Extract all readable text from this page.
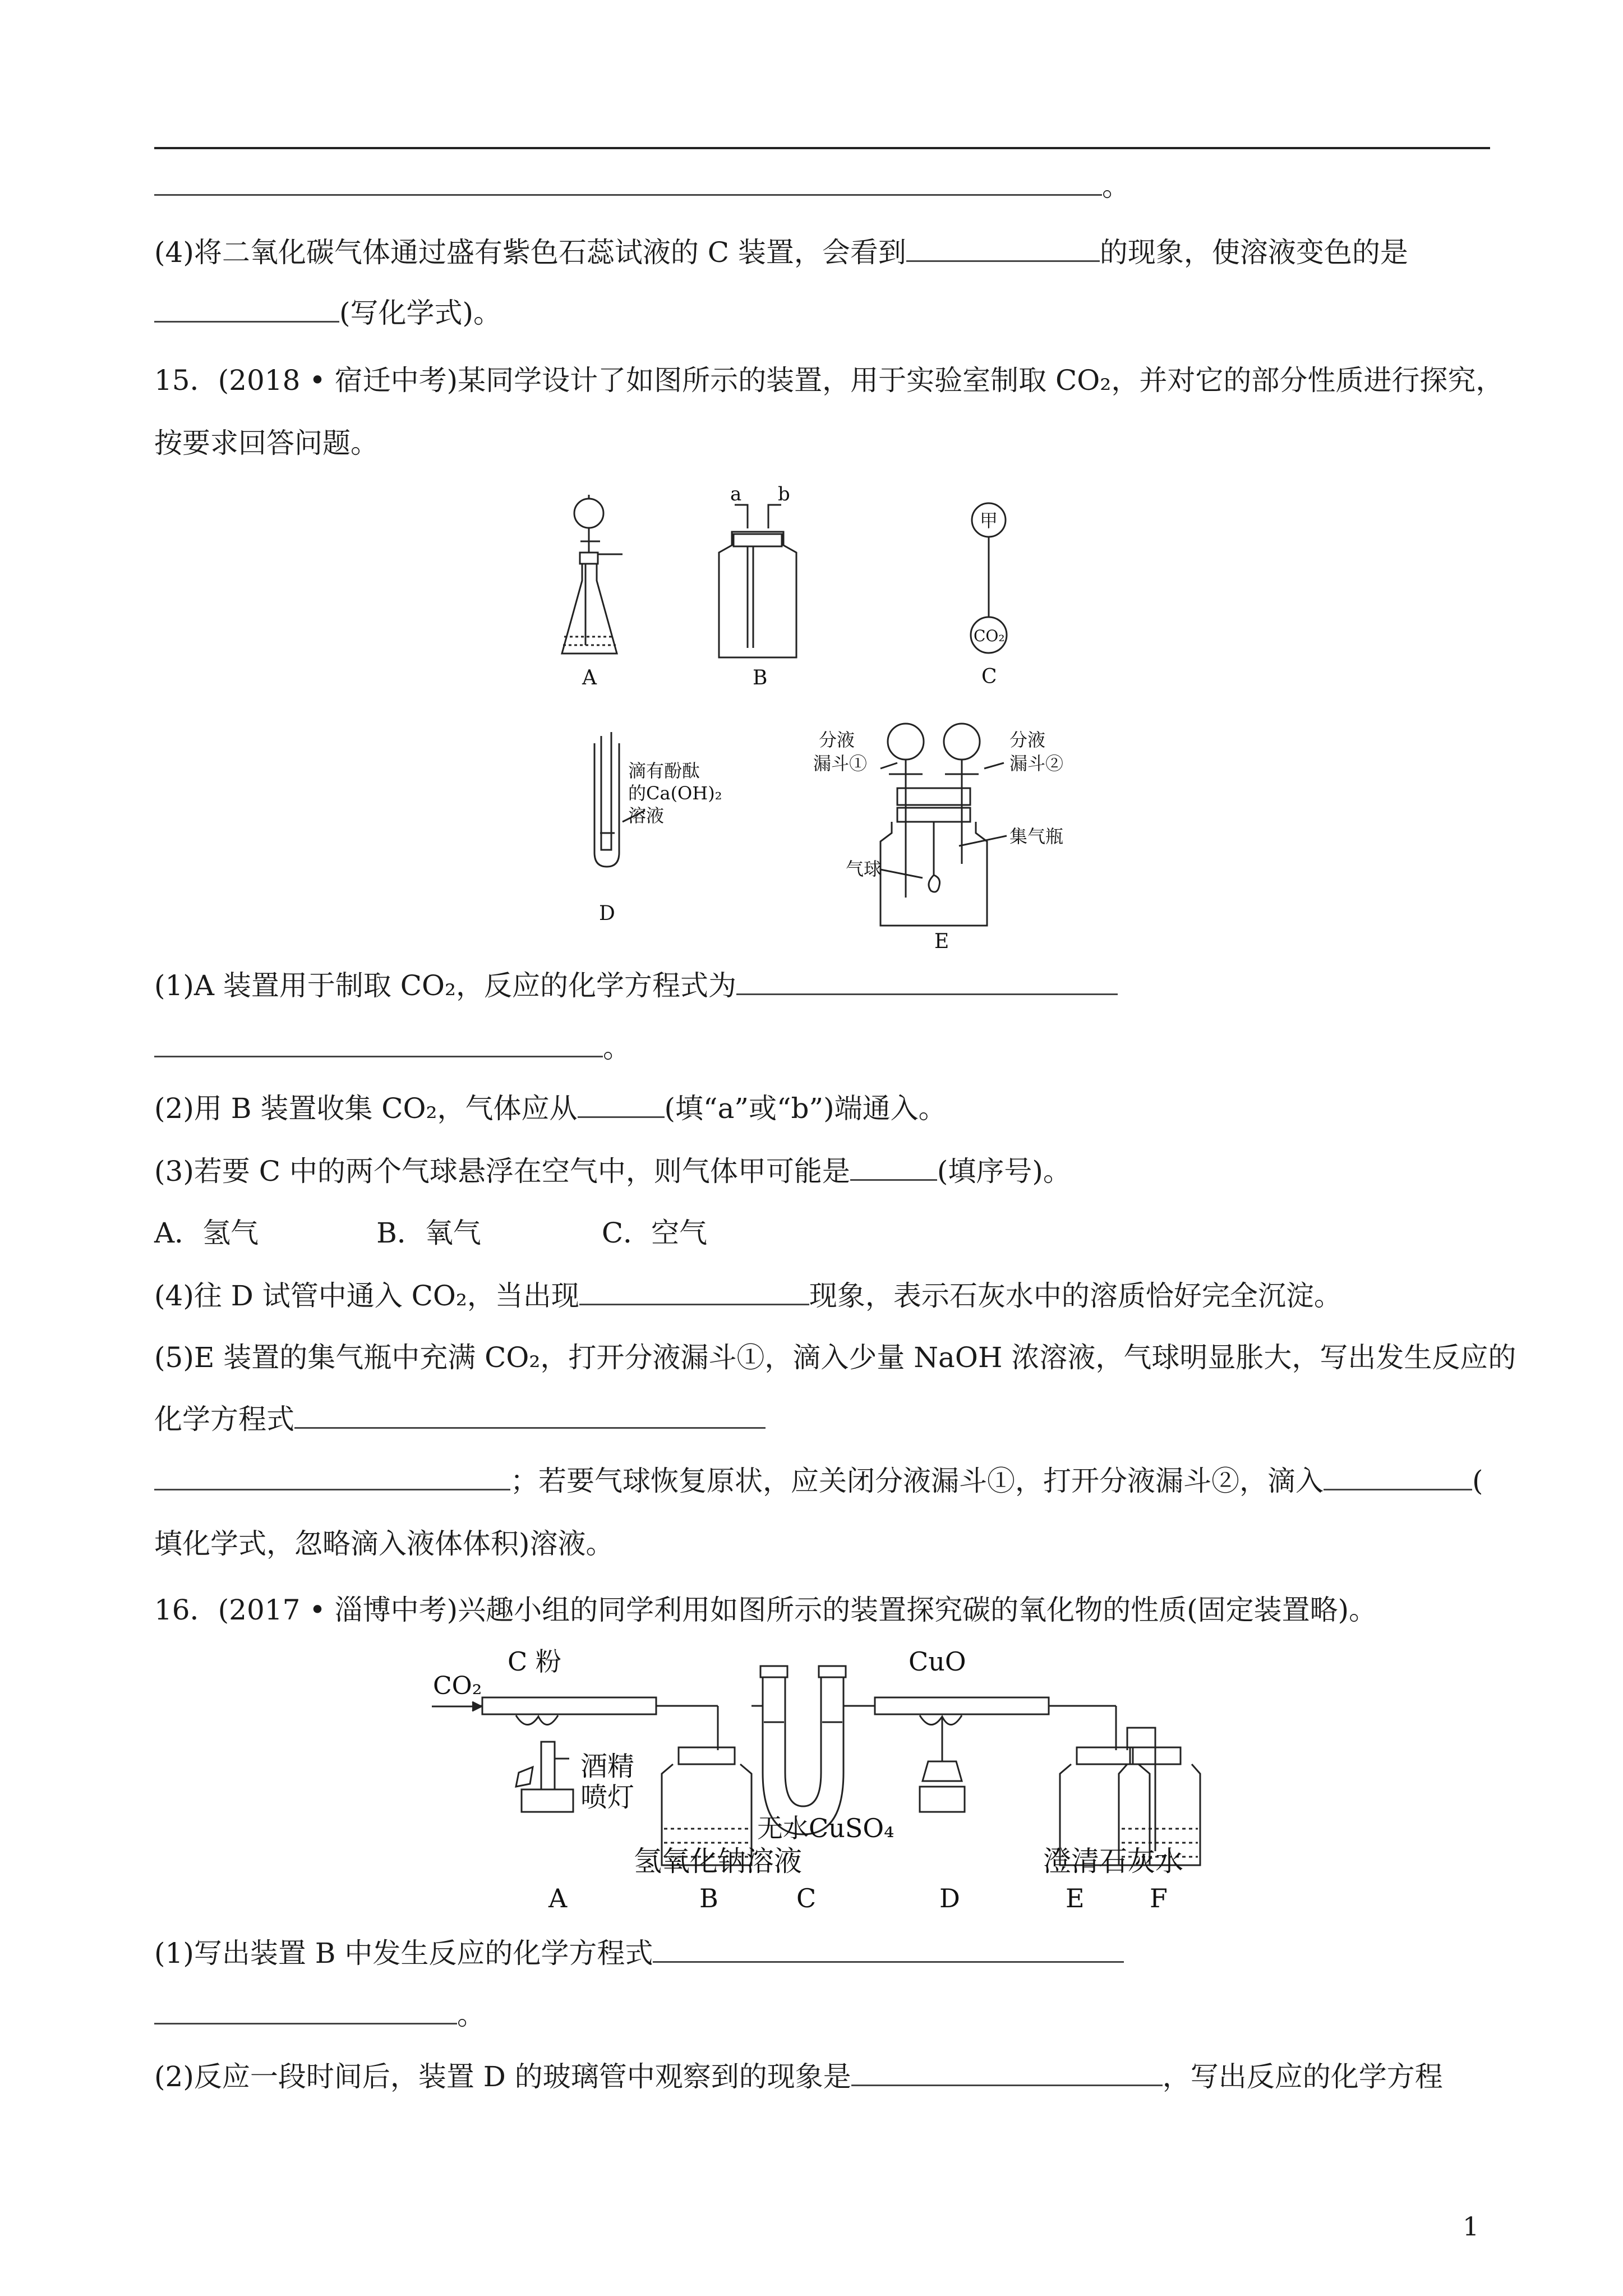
。
(4)将二氧化碳气体通过盛有紫色石蕊试液的 C 装置，会看到	的现象，使溶液变色的是
(写化学式)。
15．(2018 • 宿迁中考)某同学设计了如图所示的装置，用于实验室制取 CO₂，并对它的部分性质进行探究，
按要求回答问题。
A	B	C
a b
甲
CO₂
滴有酚酞
的Ca(OH)₂
溶液
D
分液
漏斗①
分液
漏斗②
气球
集气瓶
E
(1)A 装置用于制取 CO₂，反应的化学方程式为
。
(2)用 B 装置收集 CO₂，气体应从	(填“a”或“b”)端通入。
(3)若要 C 中的两个气球悬浮在空气中，则气体甲可能是	(填序号)。
A．氢气	B．氧气	C．空气
(4)往 D 试管中通入 CO₂，当出现	现象，表示石灰水中的溶质恰好完全沉淀。
(5)E 装置的集气瓶中充满 CO₂，打开分液漏斗①，滴入少量 NaOH 浓溶液，气球明显胀大，写出发生反应的
化学方程式
；若要气球恢复原状，应关闭分液漏斗①，打开分液漏斗②，滴入	(
填化学式，忽略滴入液体体积)溶液。
16．(2017 • 淄博中考)兴趣小组的同学利用如图所示的装置探究碳的氧化物的性质(固定装置略)。
CO₂
C 粉	CuO
酒精
喷灯
无水CuSO₄
氢氧化钠溶液	澄清石灰水
A	B	C	D	E	F
(1)写出装置 B 中发生反应的化学方程式
。
(2)反应一段时间后，装置 D 的玻璃管中观察到的现象是	，写出反应的化学方程
1
